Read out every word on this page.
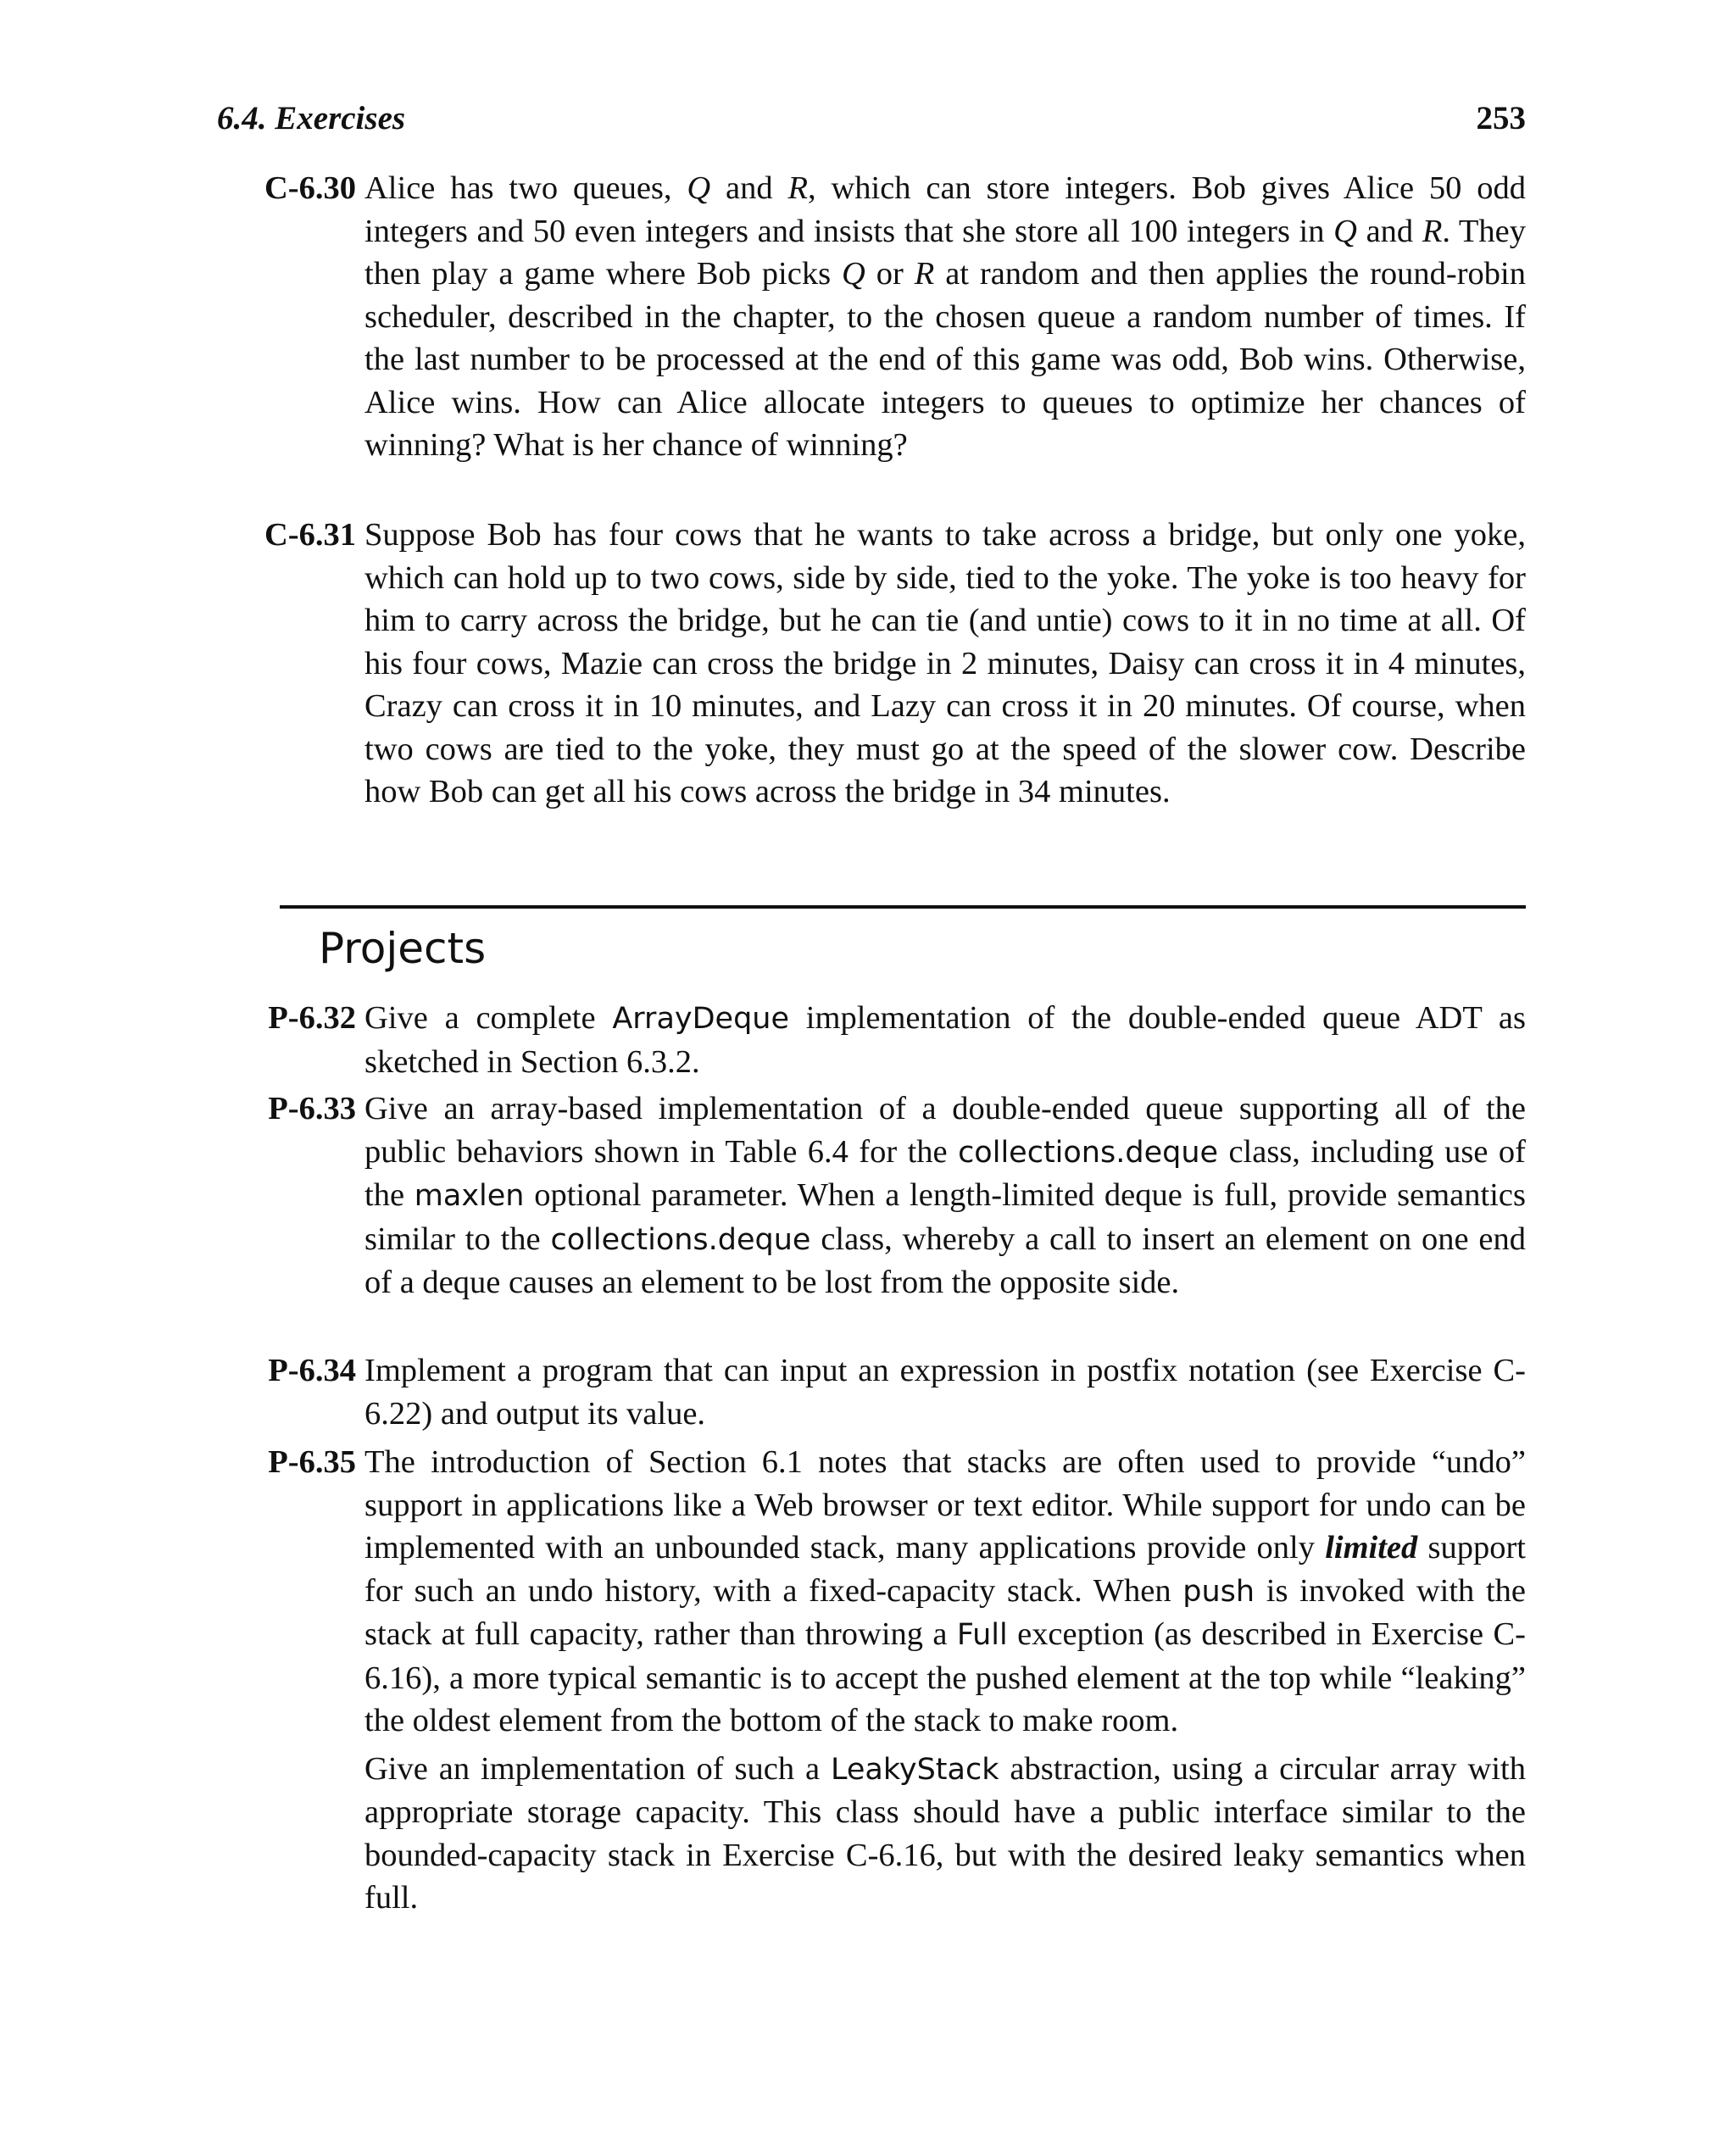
6.4. Exercises	253
C-6.30 Alice has two queues, Q and R, which can store integers. Bob gives Alice 50 odd integers and 50 even integers and insists that she store all 100 integers in Q and R. They then play a game where Bob picks Q or R at random and then applies the round-robin scheduler, described in the chapter, to the chosen queue a random number of times. If the last number to be processed at the end of this game was odd, Bob wins. Otherwise, Alice wins. How can Alice allocate integers to queues to optimize her chances of winning? What is her chance of winning?

C-6.31 Suppose Bob has four cows that he wants to take across a bridge, but only one yoke, which can hold up to two cows, side by side, tied to the yoke. The yoke is too heavy for him to carry across the bridge, but he can tie (and untie) cows to it in no time at all. Of his four cows, Mazie can cross the bridge in 2 minutes, Daisy can cross it in 4 minutes, Crazy can cross it in 10 minutes, and Lazy can cross it in 20 minutes. Of course, when two cows are tied to the yoke, they must go at the speed of the slower cow. Describe how Bob can get all his cows across the bridge in 34 minutes.

Projects
P-6.32 Give a complete ArrayDeque implementation of the double-ended queue ADT as sketched in Section 6.3.2.

P-6.33 Give an array-based implementation of a double-ended queue supporting all of the public behaviors shown in Table 6.4 for the collections.deque class, including use of the maxlen optional parameter. When a length-limited deque is full, provide semantics similar to the collections.deque class, whereby a call to insert an element on one end of a deque causes an element to be lost from the opposite side.

P-6.34 Implement a program that can input an expression in postfix notation (see Exercise C-6.22) and output its value.

P-6.35 The introduction of Section 6.1 notes that stacks are often used to provide “undo” support in applications like a Web browser or text editor. While support for undo can be implemented with an unbounded stack, many applications provide only limited support for such an undo history, with a fixed-capacity stack. When push is invoked with the stack at full capacity, rather than throwing a Full exception (as described in Exercise C-6.16), a more typical semantic is to accept the pushed element at the top while “leaking” the oldest element from the bottom of the stack to make room.

Give an implementation of such a LeakyStack abstraction, using a circular array with appropriate storage capacity. This class should have a public interface similar to the bounded-capacity stack in Exercise C-6.16, but with the desired leaky semantics when full.
